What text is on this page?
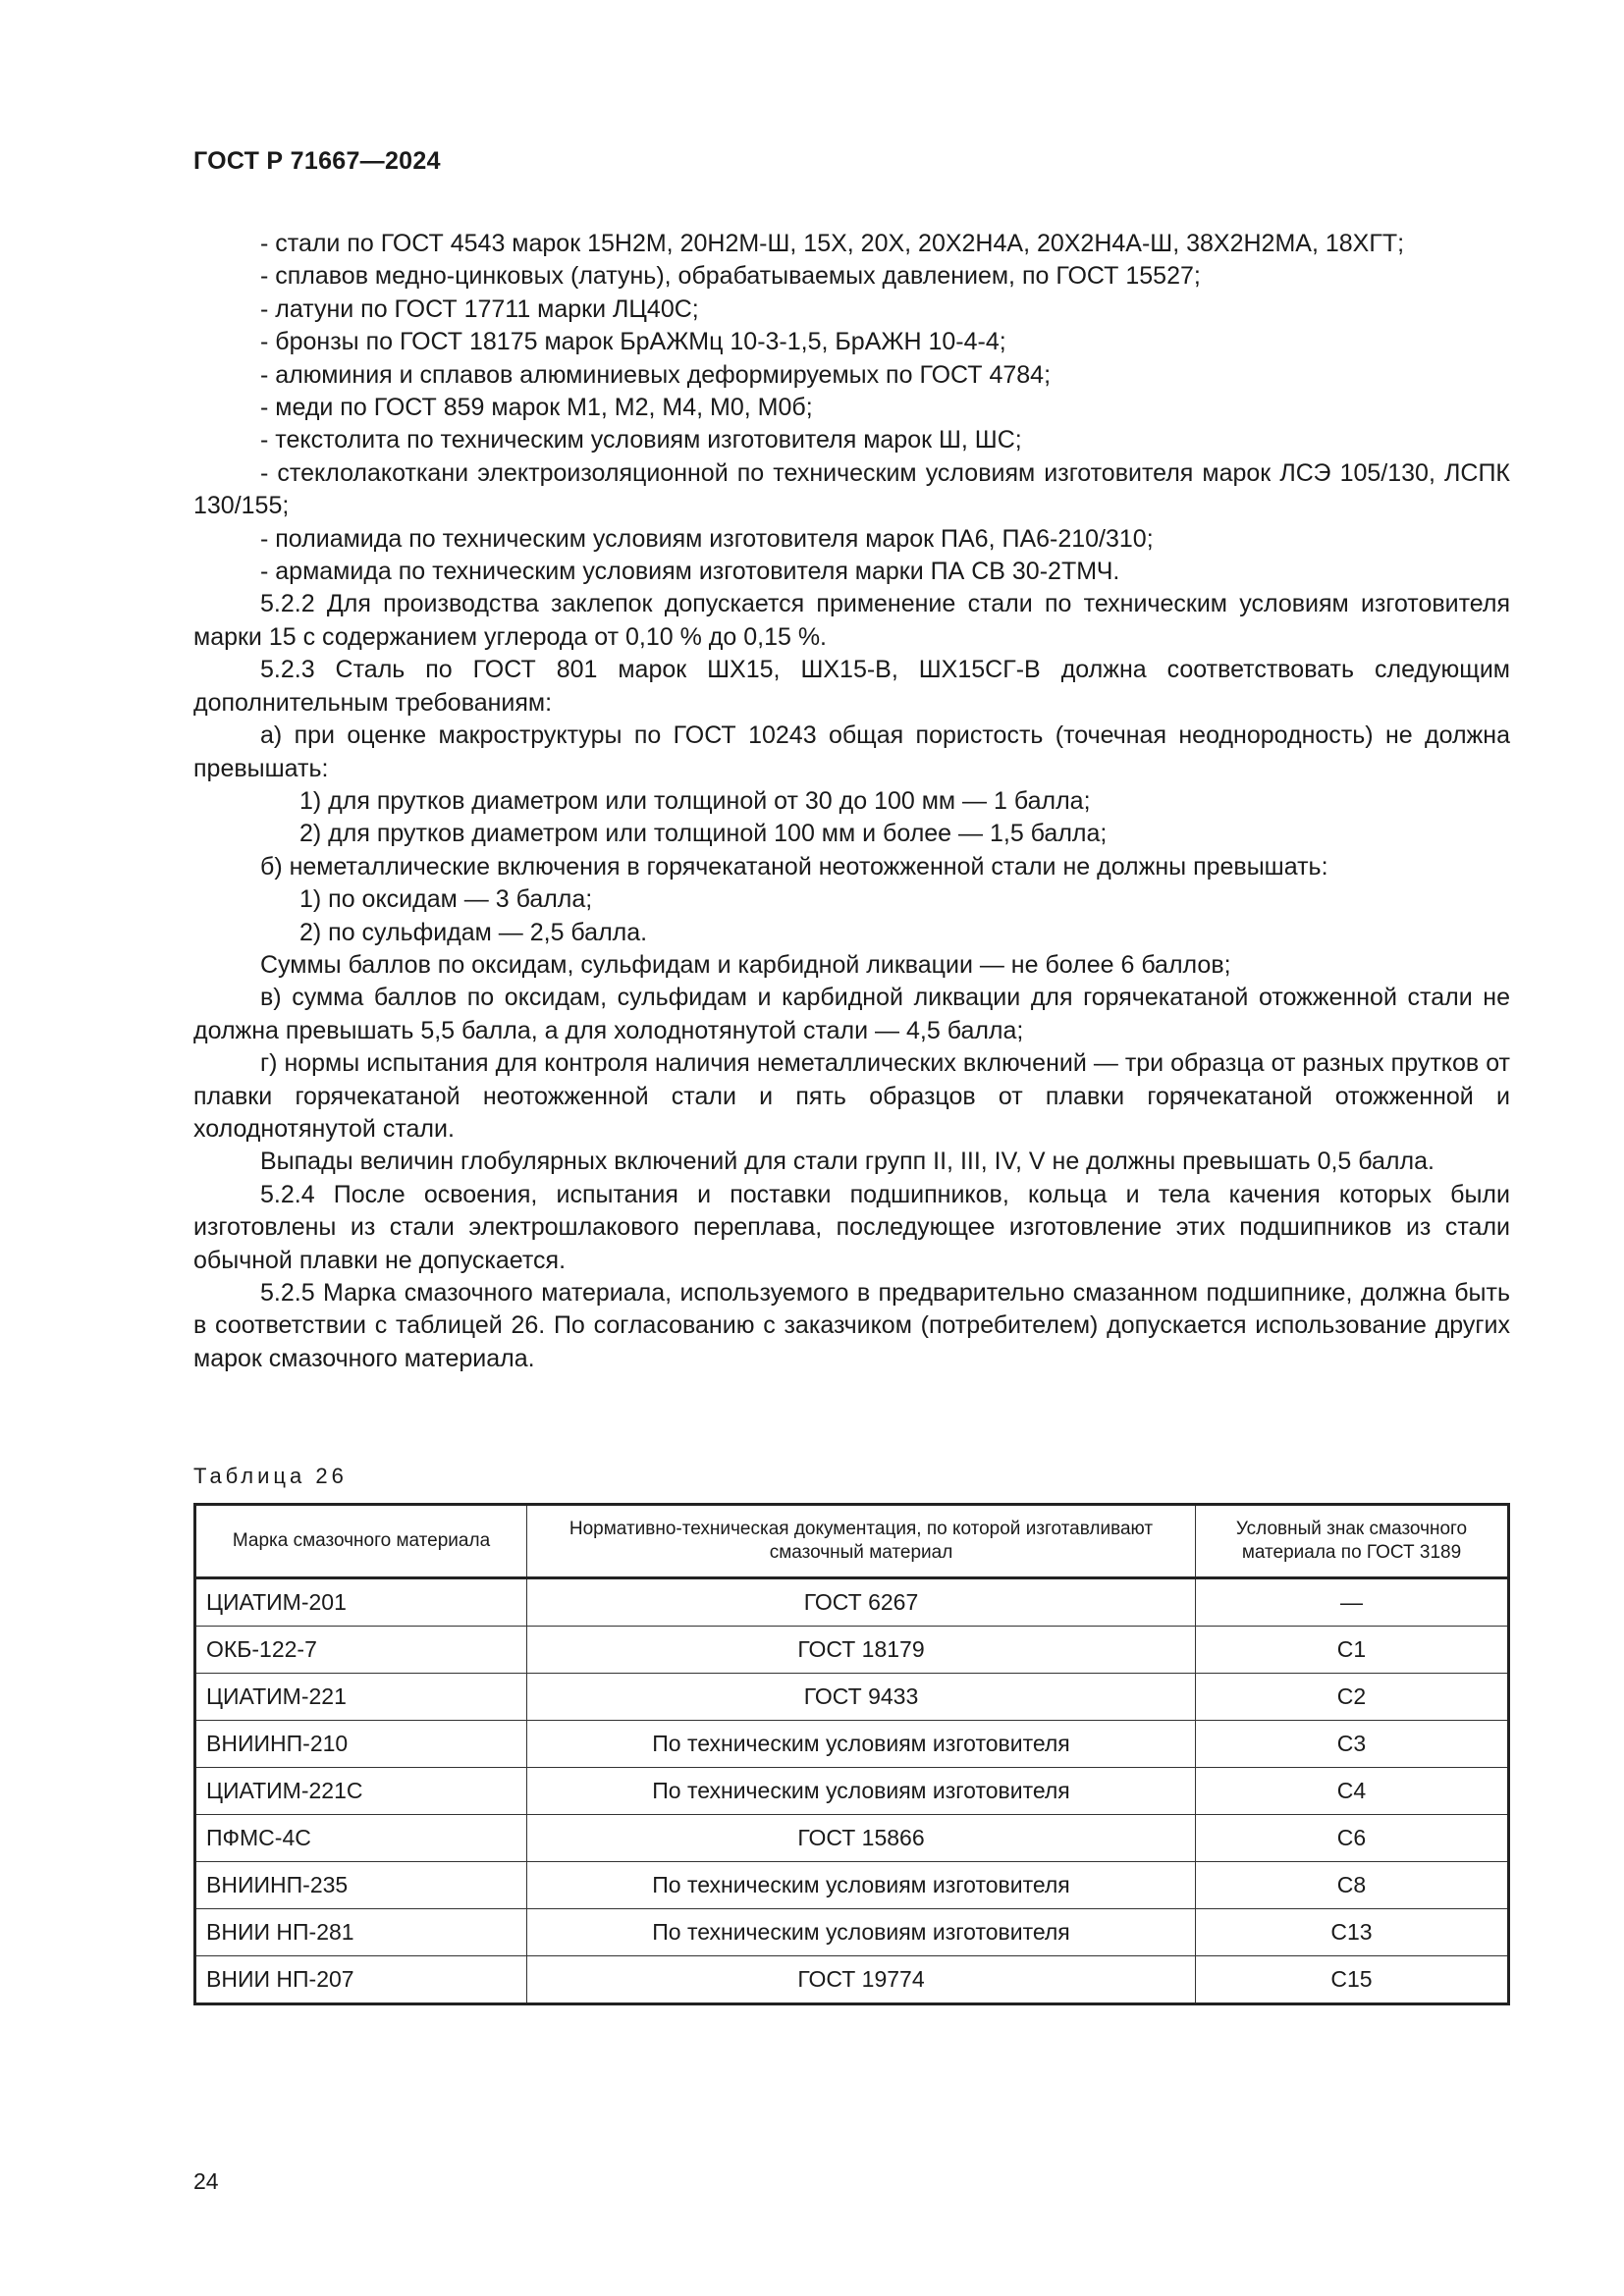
ГОСТ Р 71667—2024

- стали по ГОСТ 4543 марок 15Н2М, 20Н2М-Ш, 15Х, 20Х, 20Х2Н4А, 20Х2Н4А-Ш, 38Х2Н2МА, 18ХГТ;

- сплавов медно-цинковых (латунь), обрабатываемых давлением, по ГОСТ 15527;

- латуни по ГОСТ 17711 марки ЛЦ40С;

- бронзы по ГОСТ 18175 марок БрАЖМц 10-3-1,5, БрАЖН 10-4-4;

- алюминия и сплавов алюминиевых деформируемых по ГОСТ 4784;

- меди по ГОСТ 859 марок М1, М2, М4, М0, М0б;

- текстолита по техническим условиям изготовителя марок Ш, ШС;

- стеклолакоткани электроизоляционной по техническим условиям изготовителя марок ЛСЭ 105/130, ЛСПК 130/155;

- полиамида по техническим условиям изготовителя марок ПА6, ПА6-210/310;

- армамида по техническим условиям изготовителя марки ПА СВ 30-2ТМЧ.

5.2.2 Для производства заклепок допускается применение стали по техническим условиям изготовителя марки 15 с содержанием углерода от 0,10 % до 0,15 %.

5.2.3 Сталь по ГОСТ 801 марок ШХ15, ШХ15-В, ШХ15СГ-В должна соответствовать следующим дополнительным требованиям:

а) при оценке макроструктуры по ГОСТ 10243 общая пористость (точечная неоднородность) не должна превышать:

1) для прутков диаметром или толщиной от 30 до 100 мм — 1 балла;

2) для прутков диаметром или толщиной 100 мм и более — 1,5 балла;

б) неметаллические включения в горячекатаной неотожженной стали не должны превышать:

1) по оксидам — 3 балла;

2) по сульфидам — 2,5 балла.

Суммы баллов по оксидам, сульфидам и карбидной ликвации — не более 6 баллов;

в) сумма баллов по оксидам, сульфидам и карбидной ликвации для горячекатаной отожженной стали не должна превышать 5,5 балла, а для холоднотянутой стали — 4,5 балла;

г) нормы испытания для контроля наличия неметаллических включений — три образца от разных прутков от плавки горячекатаной неотожженной стали и пять образцов от плавки горячекатаной отожженной и холоднотянутой стали.

Выпады величин глобулярных включений для стали групп II, III, IV, V не должны превышать 0,5 балла.

5.2.4 После освоения, испытания и поставки подшипников, кольца и тела качения которых были изготовлены из стали электрошлакового переплава, последующее изготовление этих подшипников из стали обычной плавки не допускается.

5.2.5 Марка смазочного материала, используемого в предварительно смазанном подшипнике, должна быть в соответствии с таблицей 26. По согласованию с заказчиком (потребителем) допускается использование других марок смазочного материала.

Таблица 26
Марка смазочного материала	Нормативно-техническая документация, по которой изготавливают смазочный материал	Условный знак смазочного материала по ГОСТ 3189
ЦИАТИМ-201	ГОСТ 6267	—
ОКБ-122-7	ГОСТ 18179	С1
ЦИАТИМ-221	ГОСТ 9433	С2
ВНИИНП-210	По техническим условиям изготовителя	С3
ЦИАТИМ-221С	По техническим условиям изготовителя	С4
ПФМС-4С	ГОСТ 15866	С6
ВНИИНП-235	По техническим условиям изготовителя	С8
ВНИИ НП-281	По техническим условиям изготовителя	С13
ВНИИ НП-207	ГОСТ 19774	С15
24
